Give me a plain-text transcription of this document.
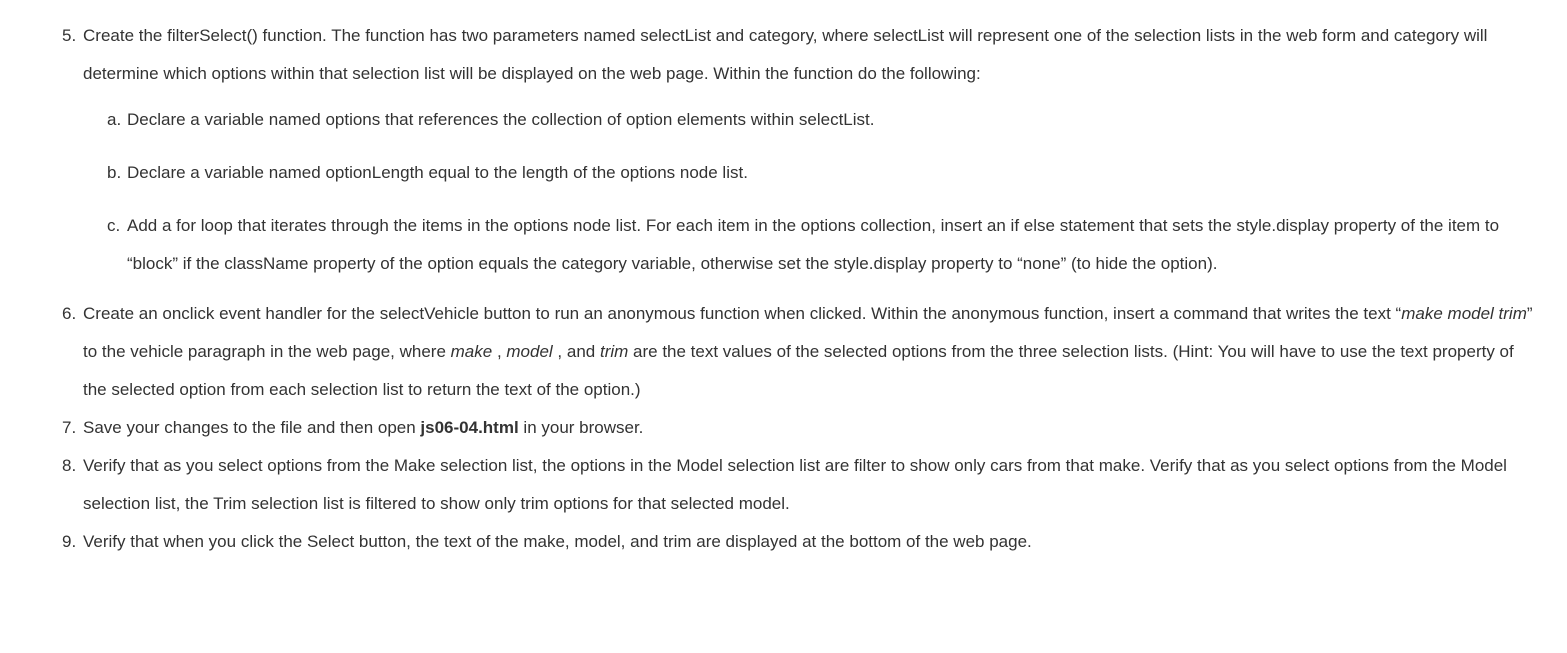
5. Create the filterSelect() function. The function has two parameters named selectList and category, where selectList will represent one of the selection lists in the web form and category will determine which options within that selection list will be displayed on the web page. Within the function do the following:
a. Declare a variable named options that references the collection of option elements within selectList.
b. Declare a variable named optionLength equal to the length of the options node list.
c. Add a for loop that iterates through the items in the options node list. For each item in the options collection, insert an if else statement that sets the style.display property of the item to “block” if the className property of the option equals the category variable, otherwise set the style.display property to “none” (to hide the option).
6. Create an onclick event handler for the selectVehicle button to run an anonymous function when clicked. Within the anonymous function, insert a command that writes the text “make model trim” to the vehicle paragraph in the web page, where make , model , and trim are the text values of the selected options from the three selection lists. (Hint: You will have to use the text property of the selected option from each selection list to return the text of the option.)
7. Save your changes to the file and then open js06-04.html in your browser.
8. Verify that as you select options from the Make selection list, the options in the Model selection list are filter to show only cars from that make. Verify that as you select options from the Model selection list, the Trim selection list is filtered to show only trim options for that selected model.
9. Verify that when you click the Select button, the text of the make, model, and trim are displayed at the bottom of the web page.
